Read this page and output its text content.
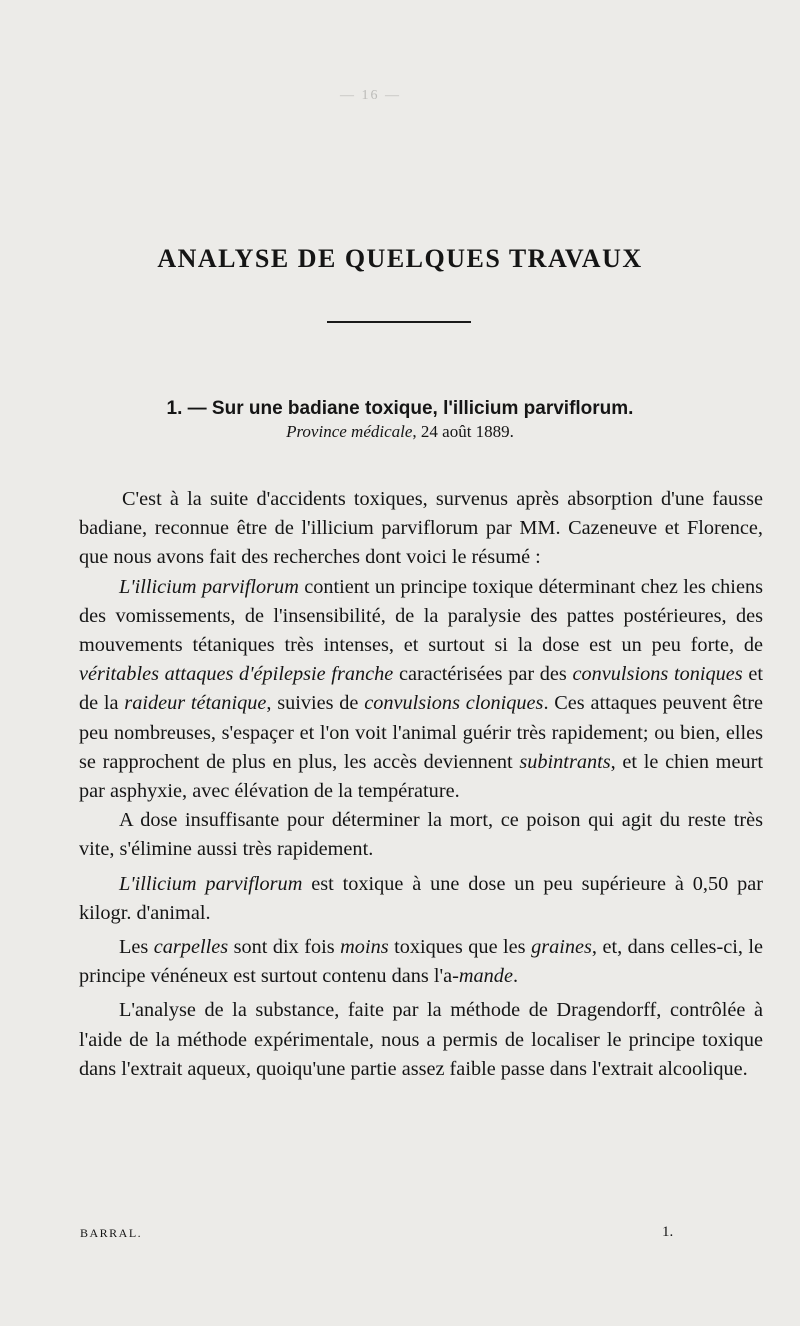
— 16 —
ANALYSE DE QUELQUES TRAVAUX
1. — Sur une badiane toxique, l'illicium parviflorum.
Province médicale, 24 août 1889.

C'est à la suite d'accidents toxiques, survenus après absorption d'une fausse badiane, reconnue être de l'illicium parviflorum par MM. Cazeneuve et Florence, que nous avons fait des recherches dont voici le résumé :

L'illicium parviflorum contient un principe toxique déterminant chez les chiens des vomissements, de l'insensibilité, de la paralysie des pattes postérieures, des mouvements tétaniques très intenses, et surtout si la dose est un peu forte, de véritables attaques d'épilepsie franche caractérisées par des convulsions toniques et de la raideur tétanique, suivies de convulsions cloniques. Ces attaques peuvent être peu nombreuses, s'espaçer et l'on voit l'animal guérir très rapidement; ou bien, elles se rapprochent de plus en plus, les accès deviennent subintrants, et le chien meurt par asphyxie, avec élévation de la température.

A dose insuffisante pour déterminer la mort, ce poison qui agit du reste très vite, s'élimine aussi très rapidement.

L'illicium parviflorum est toxique à une dose un peu supérieure à 0,50 par kilogr. d'animal.

Les carpelles sont dix fois moins toxiques que les graines, et, dans celles-ci, le principe vénéneux est surtout contenu dans l'a-mande.

L'analyse de la substance, faite par la méthode de Dragendorff, contrôlée à l'aide de la méthode expérimentale, nous a permis de localiser le principe toxique dans l'extrait aqueux, quoiqu'une partie assez faible passe dans l'extrait alcoolique.

BARRAL.	1.
